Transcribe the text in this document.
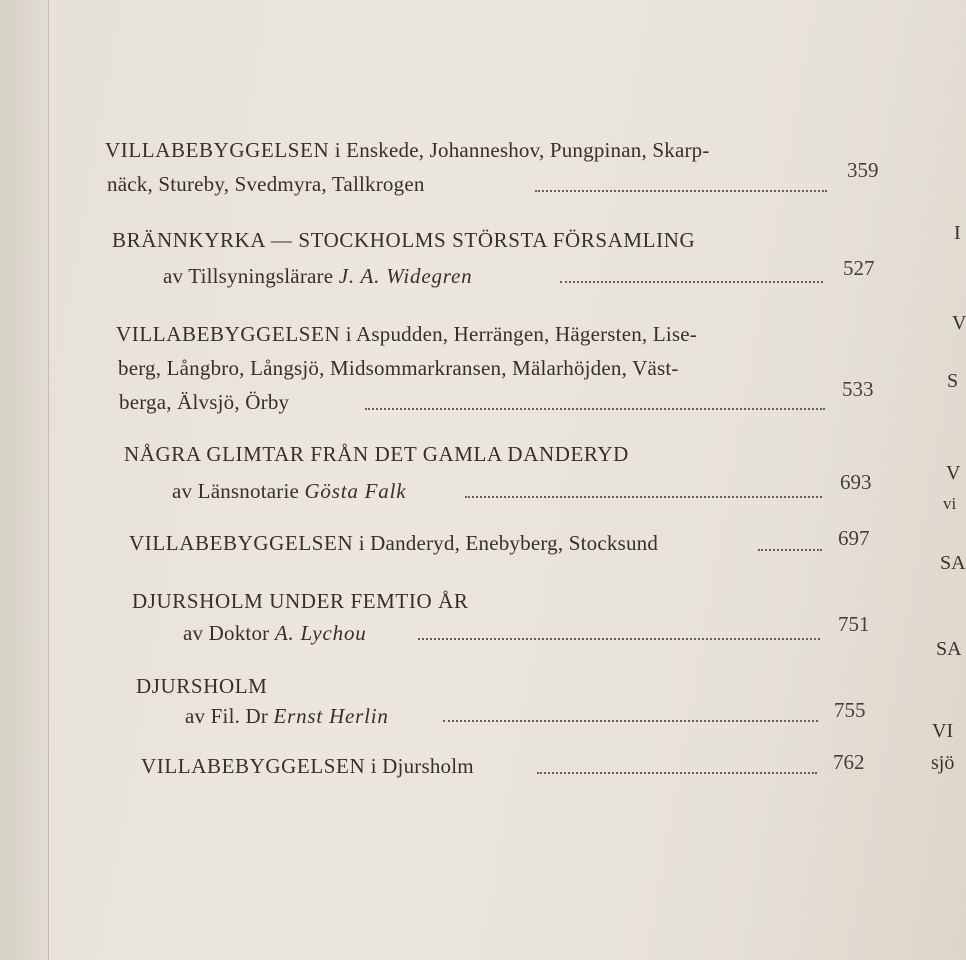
VILLABEBYGGELSEN i Enskede, Johanneshov, Pungpinan, Skarp-
näck, Stureby, Svedmyra, Tallkrogen
359
BRÄNNKYRKA — STOCKHOLMS STÖRSTA FÖRSAMLING
av Tillsyningslärare J. A. Widegren	527
VILLABEBYGGELSEN i Aspudden, Herrängen, Hägersten, Lise-
berg, Långbro, Långsjö, Midsommarkransen, Mälarhöjden, Väst-
berga, Älvsjö, Örby
533
NÅGRA GLIMTAR FRÅN DET GAMLA DANDERYD
av Länsnotarie Gösta Falk	693
VILLABEBYGGELSEN i Danderyd, Enebyberg, Stocksund	697
DJURSHOLM UNDER FEMTIO ÅR
av Doktor A. Lychou	751
DJURSHOLM
av Fil. Dr Ernst Herlin	755
VILLABEBYGGELSEN i Djursholm	762
I
V
S
V
vi
SA
SA
VI
sjö
